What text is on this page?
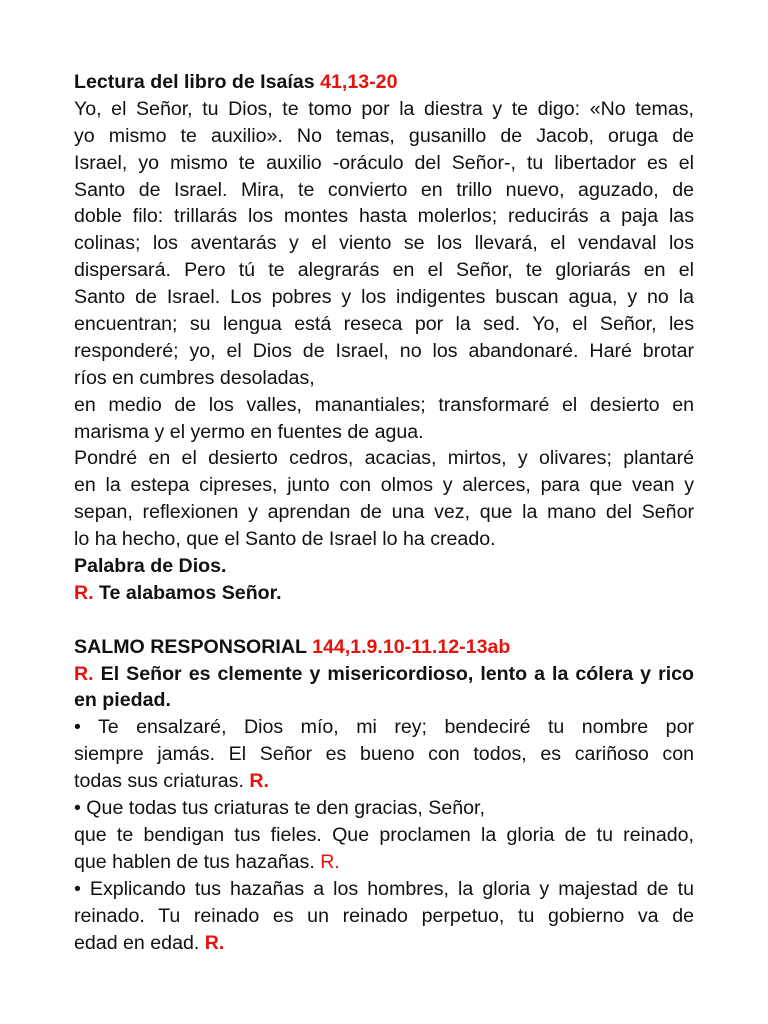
Lectura del libro de Isaías 41,13-20
Yo, el Señor, tu Dios, te tomo por la diestra y te digo: «No temas,
yo mismo te auxilio». No temas, gusanillo de Jacob, oruga de
Israel, yo mismo te auxilio -oráculo del Señor-, tu libertador es el
Santo de Israel. Mira, te convierto en trillo nuevo, aguzado, de
doble filo: trillarás los montes hasta molerlos; reducirás a paja las
colinas; los aventarás y el viento se los llevará, el vendaval los
dispersará. Pero tú te alegrarás en el Señor, te gloriarás en el
Santo de Israel. Los pobres y los indigentes buscan agua, y no la
encuentran; su lengua está reseca por la sed. Yo, el Señor, les
responderé; yo, el Dios de Israel, no los abandonaré. Haré brotar
ríos en cumbres desoladas,
en medio de los valles, manantiales; transformaré el desierto en
marisma y el yermo en fuentes de agua.
Pondré en el desierto cedros, acacias, mirtos, y olivares; plantaré
en la estepa cipreses, junto con olmos y alerces, para que vean y
sepan, reflexionen y aprendan de una vez, que la mano del Señor
lo ha hecho, que el Santo de Israel lo ha creado.
Palabra de Dios.
R. Te alabamos Señor.
SALMO RESPONSORIAL 144,1.9.10-11.12-13ab
R. El Señor es clemente y misericordioso, lento a la cólera y rico
en piedad.
• Te ensalzaré, Dios mío, mi rey; bendeciré tu nombre por
siempre jamás. El Señor es bueno con todos, es cariñoso con
todas sus criaturas. R.
• Que todas tus criaturas te den gracias, Señor,
que te bendigan tus fieles. Que proclamen la gloria de tu reinado,
que hablen de tus hazañas. R.
• Explicando tus hazañas a los hombres, la gloria y majestad de tu
reinado. Tu reinado es un reinado perpetuo, tu gobierno va de
edad en edad. R.
